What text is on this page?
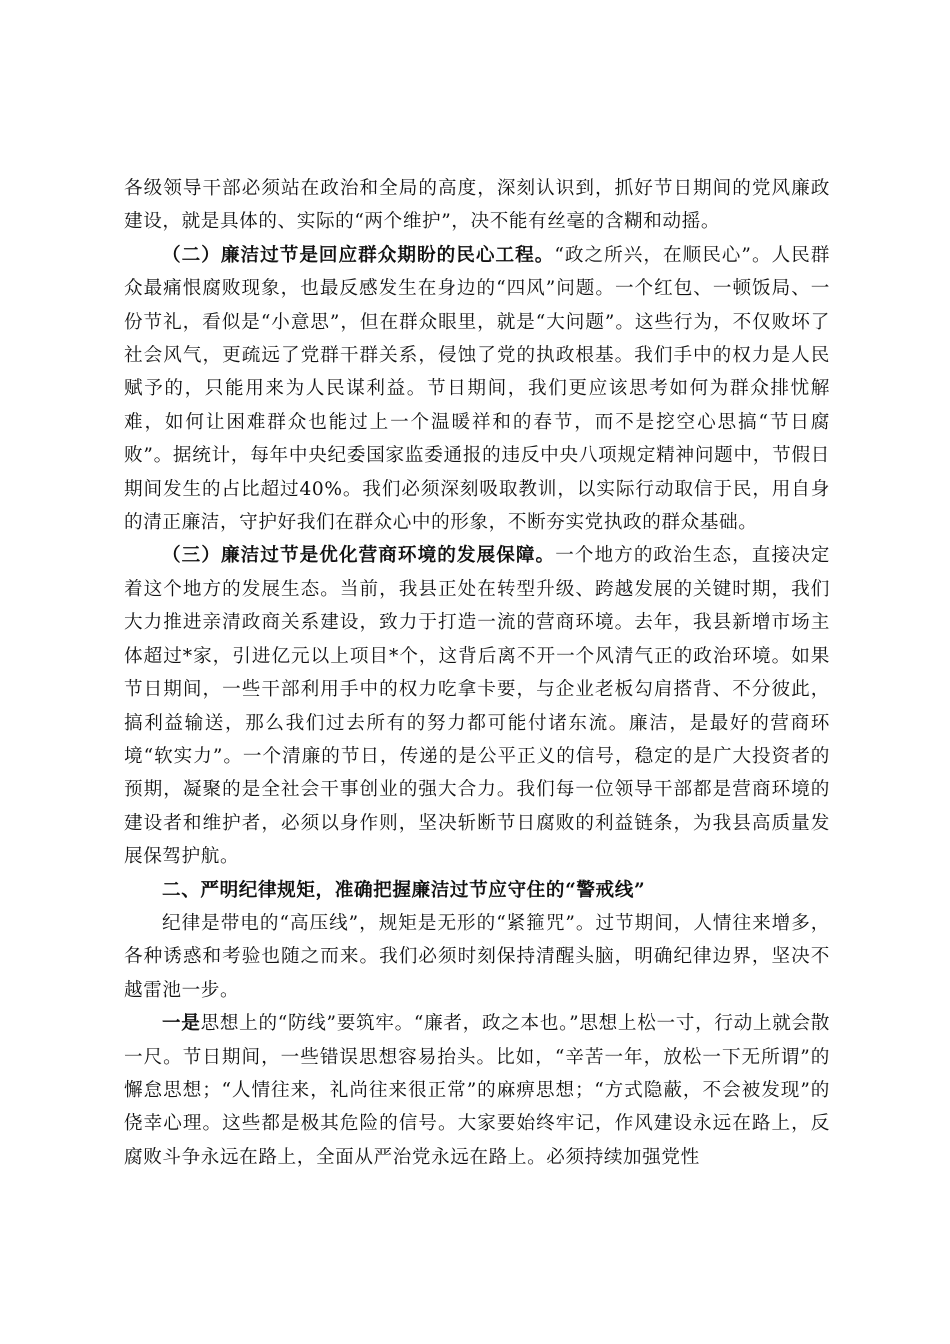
各级领导干部必须站在政治和全局的高度，深刻认识到，抓好节日期间的党风廉政建设，就是具体的、实际的“两个维护”，决不能有丝毫的含糊和动摇。

（二）廉洁过节是回应群众期盼的民心工程。“政之所兴，在顺民心”。人民群众最痛恨腐败现象，也最反感发生在身边的“四风”问题。一个红包、一顿饭局、一份节礼，看似是“小意思”，但在群众眼里，就是“大问题”。这些行为，不仅败坏了社会风气，更疏远了党群干群关系，侵蚀了党的执政根基。我们手中的权力是人民赋予的，只能用来为人民谋利益。节日期间，我们更应该思考如何为群众排忧解难，如何让困难群众也能过上一个温暖祥和的春节，而不是挖空心思搞“节日腐败”。据统计，每年中央纪委国家监委通报的违反中央八项规定精神问题中，节假日期间发生的占比超过40%。我们必须深刻吸取教训，以实际行动取信于民，用自身的清正廉洁，守护好我们在群众心中的形象，不断夯实党执政的群众基础。

（三）廉洁过节是优化营商环境的发展保障。一个地方的政治生态，直接决定着这个地方的发展生态。当前，我县正处在转型升级、跨越发展的关键时期，我们大力推进亲清政商关系建设，致力于打造一流的营商环境。去年，我县新增市场主体超过*家，引进亿元以上项目*个，这背后离不开一个风清气正的政治环境。如果节日期间，一些干部利用手中的权力吃拿卡要，与企业老板勾肩搭背、不分彼此，搞利益输送，那么我们过去所有的努力都可能付诸东流。廉洁，是最好的营商环境“软实力”。一个清廉的节日，传递的是公平正义的信号，稳定的是广大投资者的预期，凝聚的是全社会干事创业的强大合力。我们每一位领导干部都是营商环境的建设者和维护者，必须以身作则，坚决斩断节日腐败的利益链条，为我县高质量发展保驾护航。

二、严明纪律规矩，准确把握廉洁过节应守住的“警戒线”

纪律是带电的“高压线”，规矩是无形的“紧箍咒”。过节期间，人情往来增多，各种诱惑和考验也随之而来。我们必须时刻保持清醒头脑，明确纪律边界，坚决不越雷池一步。

一是思想上的“防线”要筑牢。“廉者，政之本也。”思想上松一寸，行动上就会散一尺。节日期间，一些错误思想容易抬头。比如，“辛苦一年，放松一下无所谓”的懈怠思想；“人情往来，礼尚往来很正常”的麻痹思想；“方式隐蔽，不会被发现”的侥幸心理。这些都是极其危险的信号。大家要始终牢记，作风建设永远在路上，反腐败斗争永远在路上，全面从严治党永远在路上。必须持续加强党性
